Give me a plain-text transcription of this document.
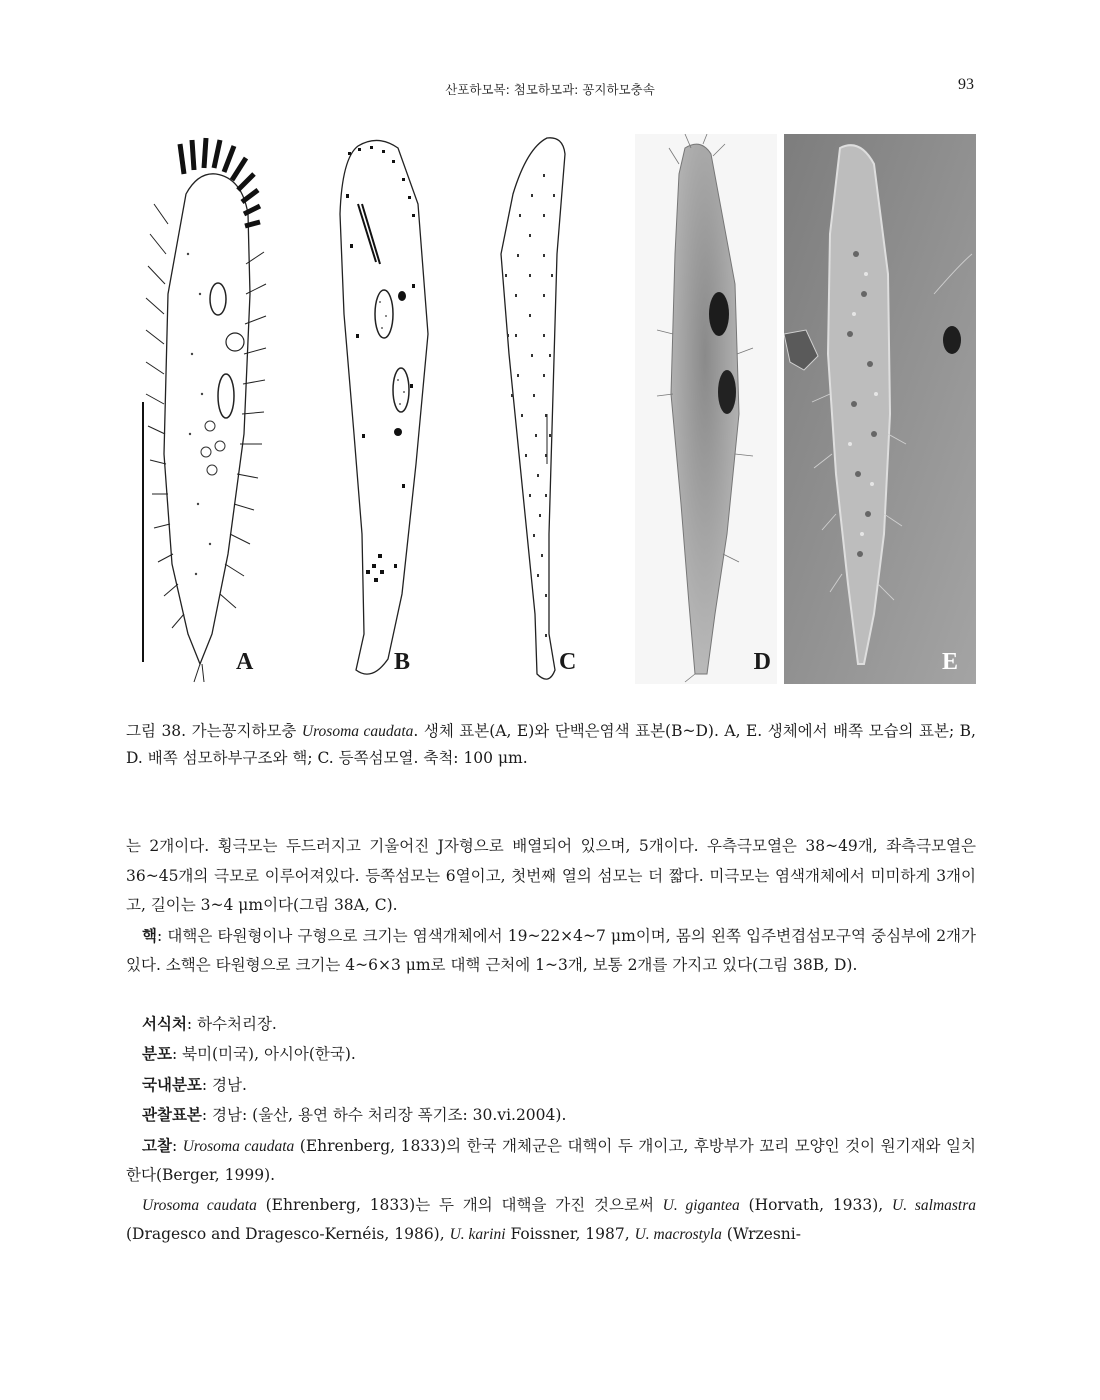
산포하모목: 첨모하모과: 꽁지하모충속	93
A	B	C	D	E
그림 38. 가는꽁지하모충 Urosoma caudata. 생체 표본(A, E)와 단백은염색 표본(B~D). A, E. 생체에서 배쪽 모습의 표본; B, D. 배쪽 섬모하부구조와 핵; C. 등쪽섬모열. 축척: 100 μm.

는 2개이다. 횡극모는 두드러지고 기울어진 J자형으로 배열되어 있으며, 5개이다. 우측극모열은 38~49개, 좌측극모열은 36~45개의 극모로 이루어져있다. 등쪽섬모는 6열이고, 첫번째 열의 섬모는 더 짧다. 미극모는 염색개체에서 미미하게 3개이고, 길이는 3~4 μm이다(그림 38A, C).

핵: 대핵은 타원형이나 구형으로 크기는 염색개체에서 19~22×4~7 μm이며, 몸의 왼쪽 입주변겹섬모구역 중심부에 2개가 있다. 소핵은 타원형으로 크기는 4~6×3 μm로 대핵 근처에 1~3개, 보통 2개를 가지고 있다(그림 38B, D).

서식처: 하수처리장.

분포: 북미(미국), 아시아(한국).

국내분포: 경남.

관찰표본: 경남: (울산, 용연 하수 처리장 폭기조: 30.vi.2004).

고찰: Urosoma caudata (Ehrenberg, 1833)의 한국 개체군은 대핵이 두 개이고, 후방부가 꼬리 모양인 것이 원기재와 일치한다(Berger, 1999).

Urosoma caudata (Ehrenberg, 1833)는 두 개의 대핵을 가진 것으로써 U. gigantea (Horvath, 1933), U. salmastra (Dragesco and Dragesco-Kernéis, 1986), U. karini Foissner, 1987, U. macrostyla (Wrzesni-
